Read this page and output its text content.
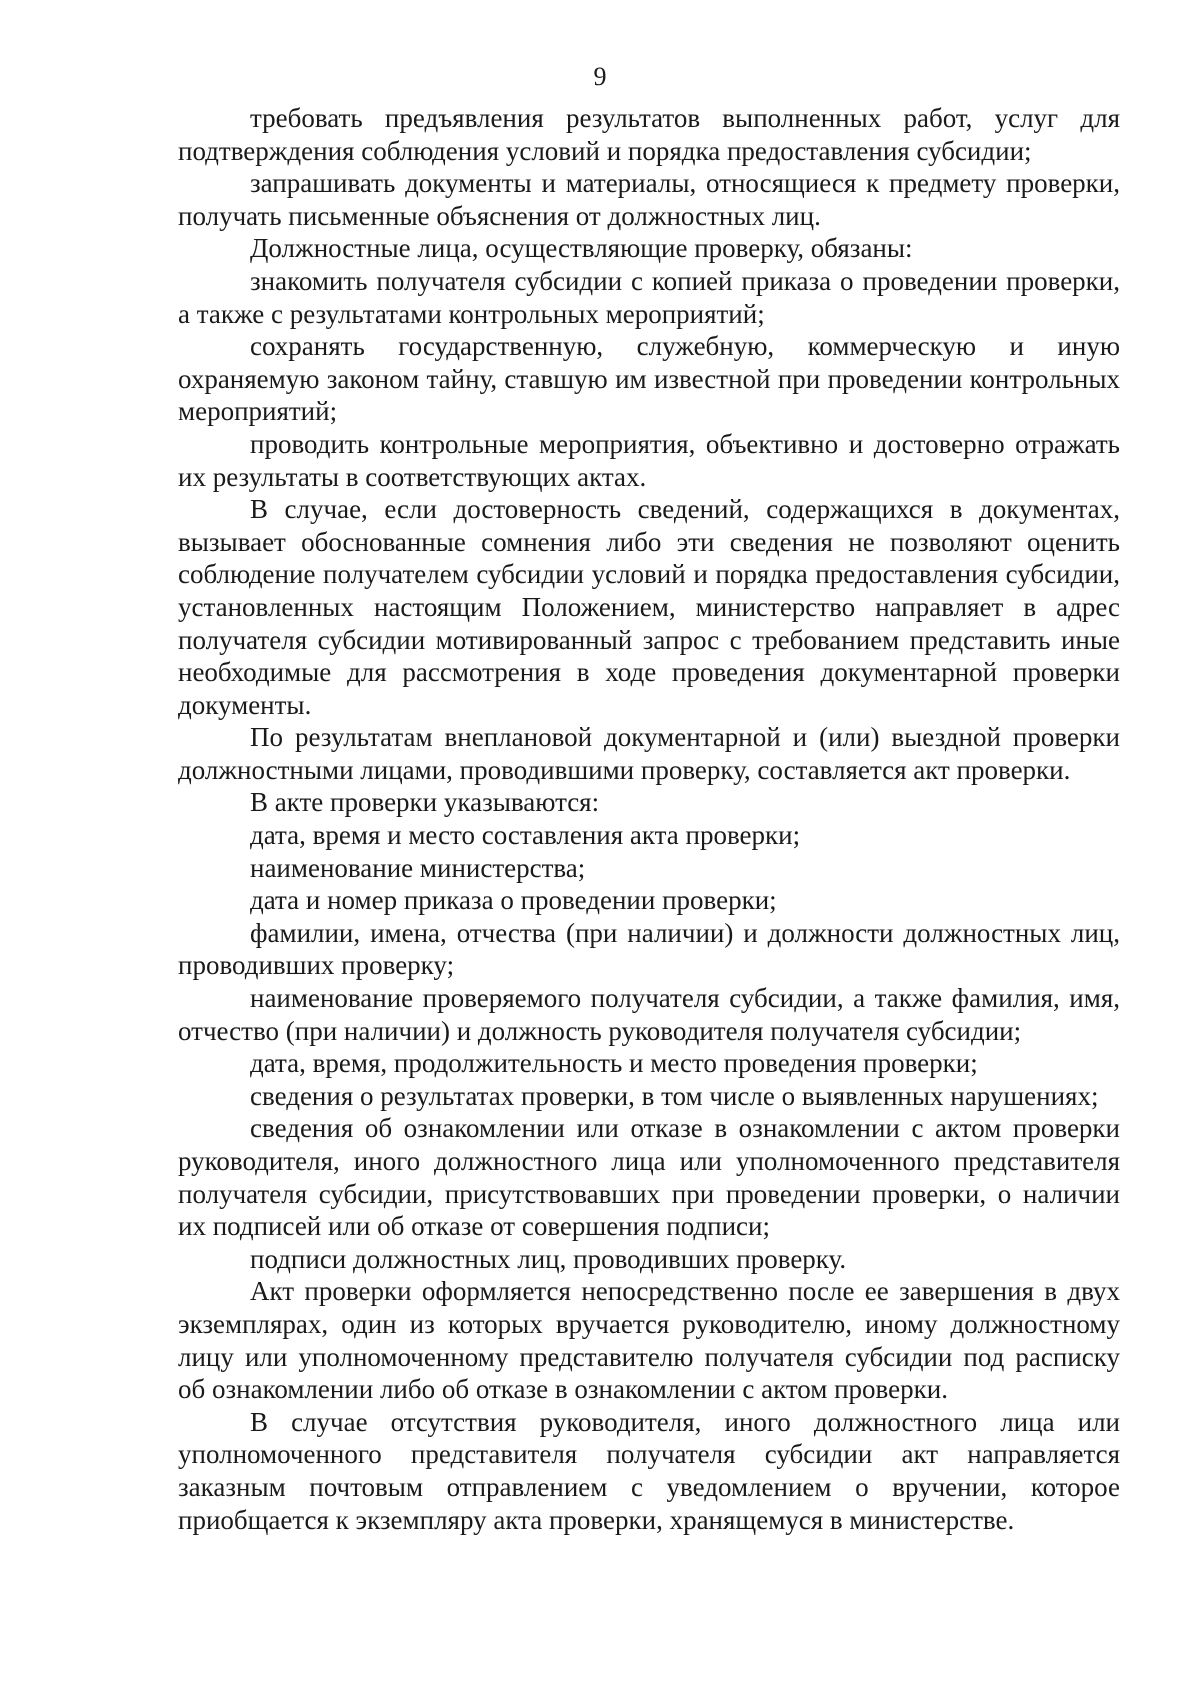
9

требовать предъявления результатов выполненных работ, услуг для подтверждения соблюдения условий и порядка предоставления субсидии;

запрашивать документы и материалы, относящиеся к предмету проверки, получать письменные объяснения от должностных лиц.

Должностные лица, осуществляющие проверку, обязаны:

знакомить получателя субсидии с копией приказа о проведении проверки, а также с результатами контрольных мероприятий;

сохранять государственную, служебную, коммерческую и иную охраняемую законом тайну, ставшую им известной при проведении контрольных мероприятий;

проводить контрольные мероприятия, объективно и достоверно отражать их результаты в соответствующих актах.

В случае, если достоверность сведений, содержащихся в документах, вызывает обоснованные сомнения либо эти сведения не позволяют оценить соблюдение получателем субсидии условий и порядка предоставления субсидии, установленных настоящим Положением, министерство направляет в адрес получателя субсидии мотивированный запрос с требованием представить иные необходимые для рассмотрения в ходе проведения документарной проверки документы.

По результатам внеплановой документарной и (или) выездной проверки должностными лицами, проводившими проверку, составляется акт проверки.

В акте проверки указываются:

дата, время и место составления акта проверки;

наименование министерства;

дата и номер приказа о проведении проверки;

фамилии, имена, отчества (при наличии) и должности должностных лиц, проводивших проверку;

наименование проверяемого получателя субсидии, а также фамилия, имя, отчество (при наличии) и должность руководителя получателя субсидии;

дата, время, продолжительность и место проведения проверки;

сведения о результатах проверки, в том числе о выявленных нарушениях;

сведения об ознакомлении или отказе в ознакомлении с актом проверки руководителя, иного должностного лица или уполномоченного представителя получателя субсидии, присутствовавших при проведении проверки, о наличии их подписей или об отказе от совершения подписи;

подписи должностных лиц, проводивших проверку.

Акт проверки оформляется непосредственно после ее завершения в двух экземплярах, один из которых вручается руководителю, иному должностному лицу или уполномоченному представителю получателя субсидии под расписку об ознакомлении либо об отказе в ознакомлении с актом проверки.

В случае отсутствия руководителя, иного должностного лица или уполномоченного представителя получателя субсидии акт направляется заказным почтовым отправлением с уведомлением о вручении, которое приобщается к экземпляру акта проверки, хранящемуся в министерстве.
